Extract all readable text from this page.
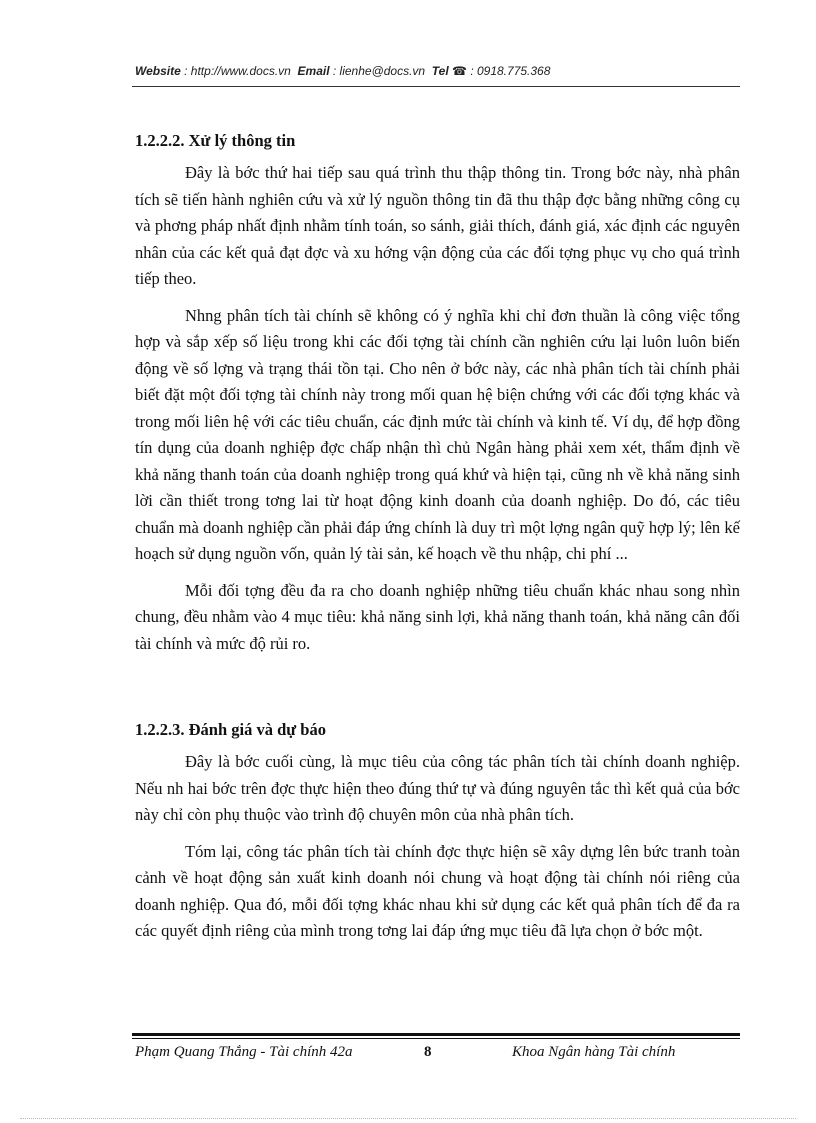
Website : http://www.docs.vn Email : lienhe@docs.vn Tel ☎ : 0918.775.368
1.2.2.2. Xử lý thông tin

Đây là bớc thứ hai tiếp sau quá trình thu thập thông tin. Trong bớc này, nhà phân tích sẽ tiến hành nghiên cứu và xử lý nguồn thông tin đã thu thập đợc bằng những công cụ và phơng pháp nhất định nhằm tính toán, so sánh, giải thích, đánh giá, xác định các nguyên nhân của các kết quả đạt đợc và xu hớng vận động của các đối tợng phục vụ cho quá trình tiếp theo.

Nhng phân tích tài chính sẽ không có ý nghĩa khi chỉ đơn thuần là công việc tổng hợp và sắp xếp số liệu trong khi các đối tợng tài chính cần nghiên cứu lại luôn luôn biến động về số lợng và trạng thái tồn tại. Cho nên ở bớc này, các nhà phân tích tài chính phải biết đặt một đối tợng tài chính này trong mối quan hệ biện chứng với các đối tợng khác và trong mối liên hệ với các tiêu chuẩn, các định mức tài chính và kinh tế. Ví dụ, để hợp đồng tín dụng của doanh nghiệp đợc chấp nhận thì chủ Ngân hàng phải xem xét, thẩm định về khả năng thanh toán của doanh nghiệp trong quá khứ và hiện tại, cũng nh về khả năng sinh lời cần thiết trong tơng lai từ hoạt động kinh doanh của doanh nghiệp. Do đó, các tiêu chuẩn mà doanh nghiệp cần phải đáp ứng chính là duy trì một lợng ngân quỹ hợp lý; lên kế hoạch sử dụng nguồn vốn, quản lý tài sản, kế hoạch về thu nhập, chi phí ...

Mỗi đối tợng đều đa ra cho doanh nghiệp những tiêu chuẩn khác nhau song nhìn chung, đều nhằm vào 4 mục tiêu: khả năng sinh lợi, khả năng thanh toán, khả năng cân đối tài chính và mức độ rủi ro.

1.2.2.3. Đánh giá và dự báo

Đây là bớc cuối cùng, là mục tiêu của công tác phân tích tài chính doanh nghiệp. Nếu nh hai bớc trên đợc thực hiện theo đúng thứ tự và đúng nguyên tắc thì kết quả của bớc này chỉ còn phụ thuộc vào trình độ chuyên môn của nhà phân tích.

Tóm lại, công tác phân tích tài chính đợc thực hiện sẽ xây dựng lên bức tranh toàn cảnh về hoạt động sản xuất kinh doanh nói chung và hoạt động tài chính nói riêng của doanh nghiệp. Qua đó, mỗi đối tợng khác nhau khi sử dụng các kết quả phân tích để đa ra các quyết định riêng của mình trong tơng lai đáp ứng mục tiêu đã lựa chọn ở bớc một.

Phạm Quang Thắng - Tài chính 42a	8	Khoa Ngân hàng Tài chính
